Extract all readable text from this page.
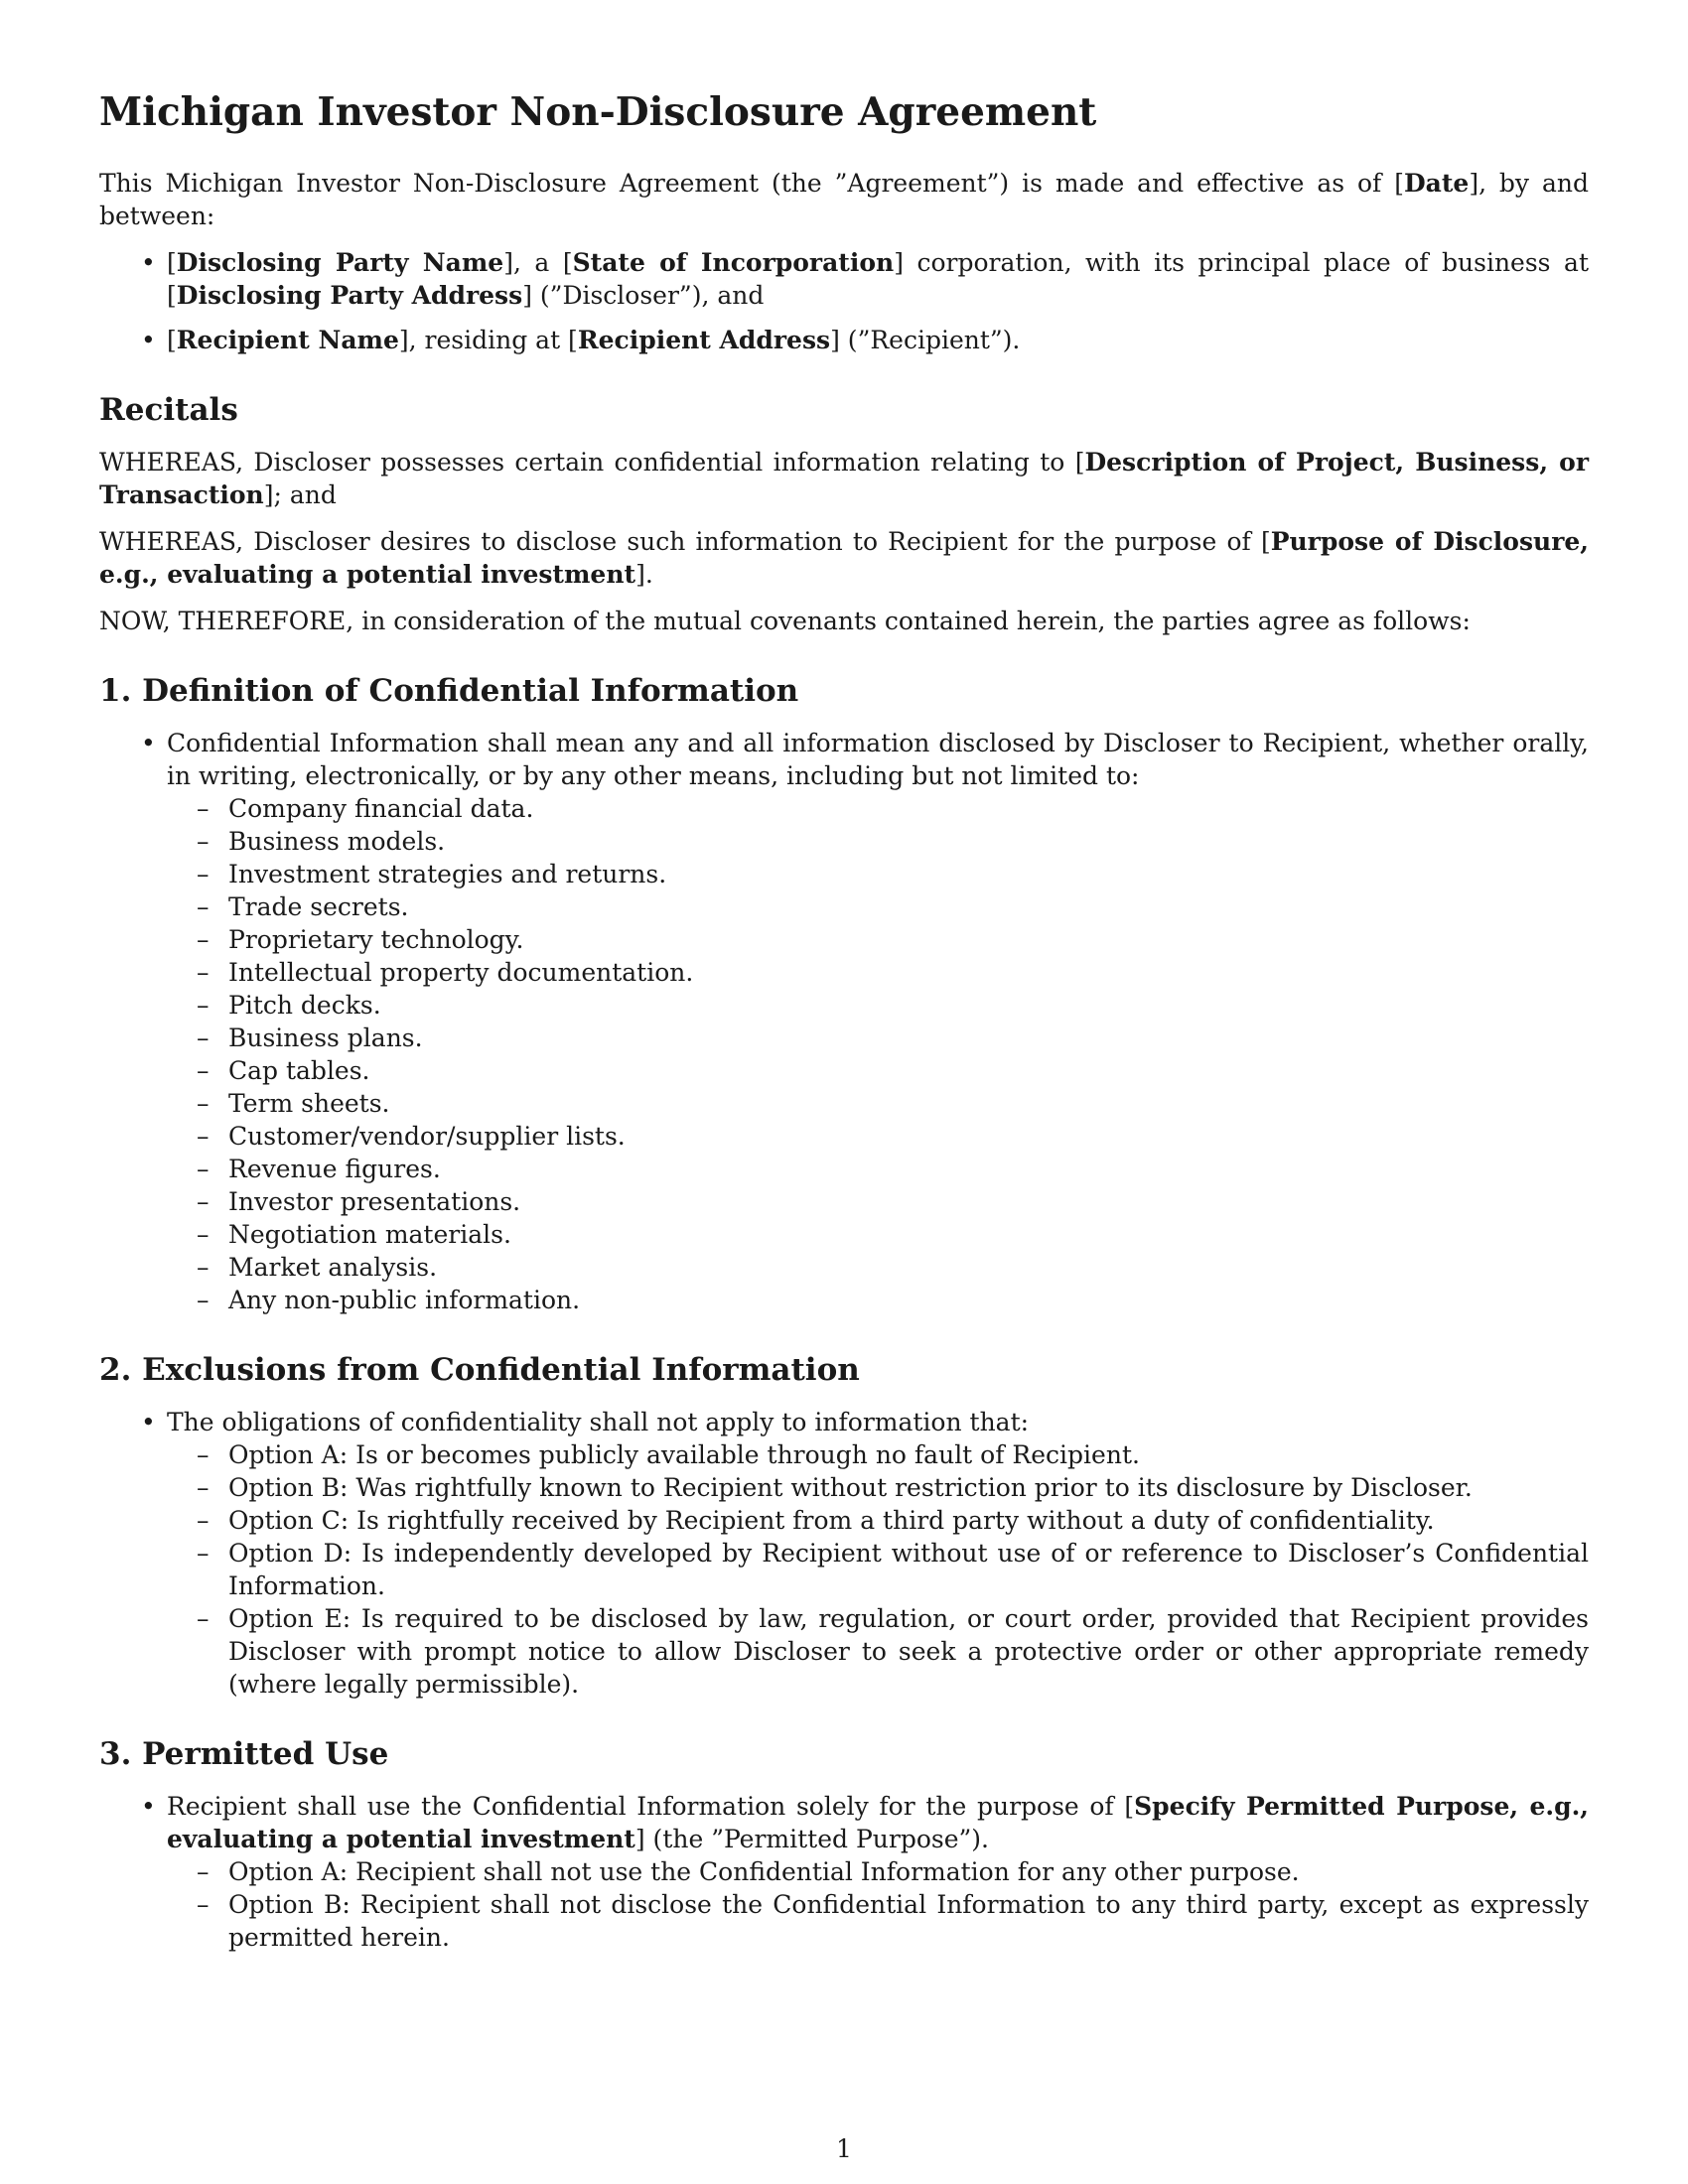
Michigan Investor Non-Disclosure Agreement

This Michigan Investor Non-Disclosure Agreement (the ”Agreement”) is made and effective as of [Date], by and between:

• [Disclosing Party Name], a [State of Incorporation] corporation, with its principal place of business at [Disclosing Party Address] (”Discloser”), and
• [Recipient Name], residing at [Recipient Address] (”Recipient”).
Recitals

WHEREAS, Discloser possesses certain confidential information relating to [Description of Project, Business, or Transaction]; and

WHEREAS, Discloser desires to disclose such information to Recipient for the purpose of [Purpose of Disclosure, e.g., evaluating a potential investment].

NOW, THEREFORE, in consideration of the mutual covenants contained herein, the parties agree as follows:

1. Definition of Confidential Information
• Confidential Information shall mean any and all information disclosed by Discloser to Recipient, whether orally, in writing, electronically, or by any other means, including but not limited to:
– Company financial data.
– Business models.
– Investment strategies and returns.
– Trade secrets.
– Proprietary technology.
– Intellectual property documentation.
– Pitch decks.
– Business plans.
– Cap tables.
– Term sheets.
– Customer/vendor/supplier lists.
– Revenue figures.
– Investor presentations.
– Negotiation materials.
– Market analysis.
– Any non-public information.
2. Exclusions from Confidential Information
• The obligations of confidentiality shall not apply to information that:
– Option A: Is or becomes publicly available through no fault of Recipient.
– Option B: Was rightfully known to Recipient without restriction prior to its disclosure by Discloser.
– Option C: Is rightfully received by Recipient from a third party without a duty of confidentiality.
– Option D: Is independently developed by Recipient without use of or reference to Discloser’s Confidential Information.
– Option E: Is required to be disclosed by law, regulation, or court order, provided that Recipient provides Discloser with prompt notice to allow Discloser to seek a protective order or other appropriate remedy (where legally permissible).
3. Permitted Use
• Recipient shall use the Confidential Information solely for the purpose of [Specify Permitted Purpose, e.g., evaluating a potential investment] (the ”Permitted Purpose”).
– Option A: Recipient shall not use the Confidential Information for any other purpose.
– Option B: Recipient shall not disclose the Confidential Information to any third party, except as expressly permitted herein.
1
